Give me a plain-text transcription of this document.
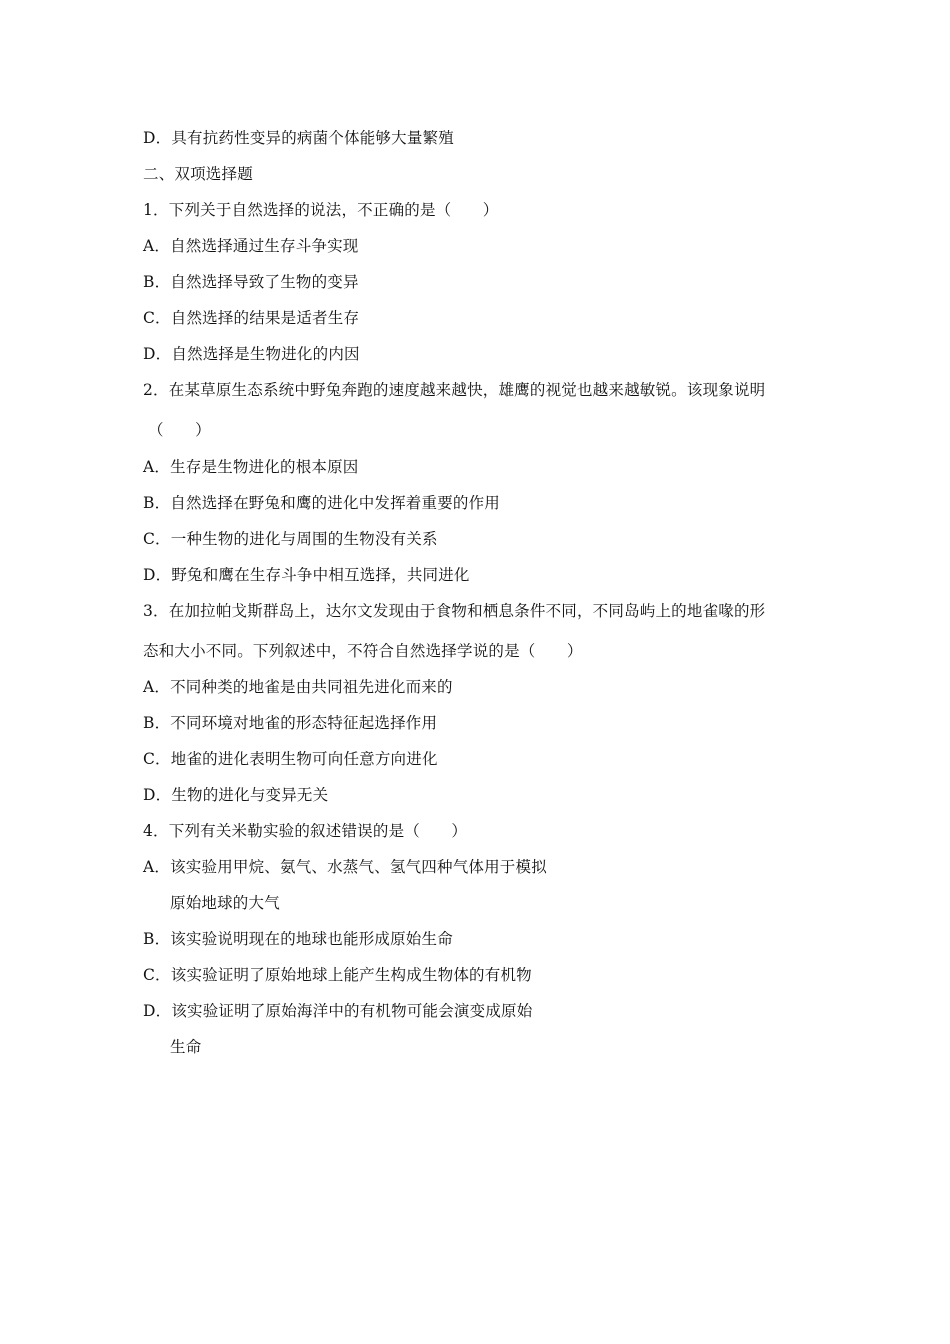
D．具有抗药性变异的病菌个体能够大量繁殖
二、双项选择题
1．下列关于自然选择的说法，不正确的是（　　）
A．自然选择通过生存斗争实现
B．自然选择导致了生物的变异
C．自然选择的结果是适者生存
D．自然选择是生物进化的内因
2．在某草原生态系统中野兔奔跑的速度越来越快，雄鹰的视觉也越来越敏锐。该现象说明
（　　）
A．生存是生物进化的根本原因
B．自然选择在野兔和鹰的进化中发挥着重要的作用
C．一种生物的进化与周围的生物没有关系
D．野兔和鹰在生存斗争中相互选择，共同进化
3．在加拉帕戈斯群岛上，达尔文发现由于食物和栖息条件不同，不同岛屿上的地雀喙的形
态和大小不同。下列叙述中，不符合自然选择学说的是（　　）
A．不同种类的地雀是由共同祖先进化而来的
B．不同环境对地雀的形态特征起选择作用
C．地雀的进化表明生物可向任意方向进化
D．生物的进化与变异无关
4．下列有关米勒实验的叙述错误的是（　　）
A．该实验用甲烷、氨气、水蒸气、氢气四种气体用于模拟
原始地球的大气
B．该实验说明现在的地球也能形成原始生命
C．该实验证明了原始地球上能产生构成生物体的有机物
D．该实验证明了原始海洋中的有机物可能会演变成原始
生命
